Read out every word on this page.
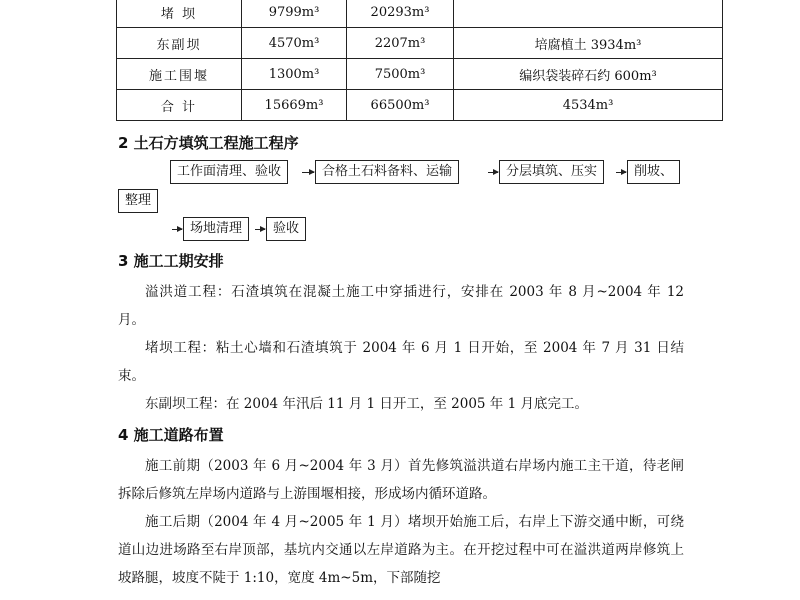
堵 坝	9799m³	20293m³	
东副坝	4570m³	2207m³	培腐植土 3934m³
施工围堰	1300m³	7500m³	编织袋装碎石约 600m³
合 计	15669m³	66500m³	4534m³
2 土石方填筑工程施工程序
工作面清理、验收	合格土石料备料、运输	分层填筑、压实	削坡、
整理
场地清理	验收
3 施工工期安排
溢洪道工程：石渣填筑在混凝土施工中穿插进行，安排在 2003 年 8 月~2004 年 12 月。
堵坝工程：粘土心墙和石渣填筑于 2004 年 6 月 1 日开始，至 2004 年 7 月 31 日结束。
东副坝工程：在 2004 年汛后 11 月 1 日开工，至 2005 年 1 月底完工。
4 施工道路布置
施工前期（2003 年 6 月~2004 年 3 月）首先修筑溢洪道右岸场内施工主干道，待老闸拆除后修筑左岸场内道路与上游围堰相接，形成场内循环道路。
施工后期（2004 年 4 月~2005 年 1 月）堵坝开始施工后，右岸上下游交通中断，可绕道山边进场路至右岸顶部，基坑内交通以左岸道路为主。在开挖过程中可在溢洪道两岸修筑上坡路腿，坡度不陡于 1:10，宽度 4m~5m，下部随挖
